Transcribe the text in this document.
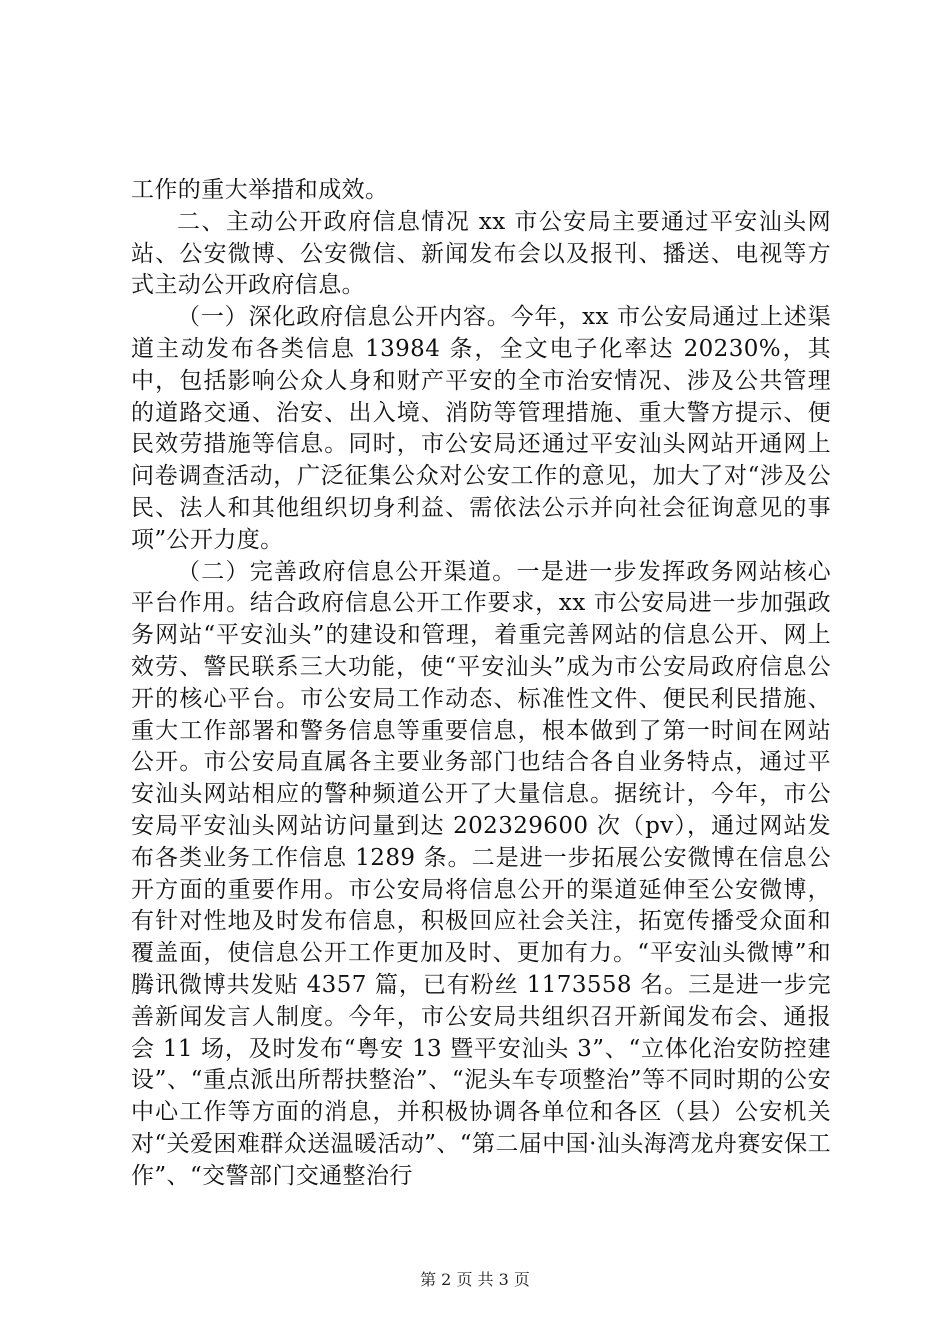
工作的重大举措和成效。

二、主动公开政府信息情况 xx 市公安局主要通过平安汕头网站、公安微博、公安微信、新闻发布会以及报刊、播送、电视等方式主动公开政府信息。

（一）深化政府信息公开内容。今年，xx 市公安局通过上述渠道主动发布各类信息 13984 条，全文电子化率达 20230%，其中，包括影响公众人身和财产平安的全市治安情况、涉及公共管理的道路交通、治安、出入境、消防等管理措施、重大警方提示、便民效劳措施等信息。同时，市公安局还通过平安汕头网站开通网上问卷调查活动，广泛征集公众对公安工作的意见，加大了对“涉及公民、法人和其他组织切身利益、需依法公示并向社会征询意见的事项”公开力度。

（二）完善政府信息公开渠道。一是进一步发挥政务网站核心平台作用。结合政府信息公开工作要求，xx 市公安局进一步加强政务网站“平安汕头”的建设和管理，着重完善网站的信息公开、网上效劳、警民联系三大功能，使“平安汕头”成为市公安局政府信息公开的核心平台。市公安局工作动态、标准性文件、便民利民措施、重大工作部署和警务信息等重要信息，根本做到了第一时间在网站公开。市公安局直属各主要业务部门也结合各自业务特点，通过平安汕头网站相应的警种频道公开了大量信息。据统计，今年，市公安局平安汕头网站访问量到达 202329600 次（pv），通过网站发布各类业务工作信息 1289 条。二是进一步拓展公安微博在信息公开方面的重要作用。市公安局将信息公开的渠道延伸至公安微博，有针对性地及时发布信息，积极回应社会关注，拓宽传播受众面和覆盖面，使信息公开工作更加及时、更加有力。“平安汕头微博”和腾讯微博共发贴 4357 篇，已有粉丝 1173558 名。三是进一步完善新闻发言人制度。今年，市公安局共组织召开新闻发布会、通报会 11 场，及时发布“粤安 13 暨平安汕头 3”、“立体化治安防控建设”、“重点派出所帮扶整治”、“泥头车专项整治”等不同时期的公安中心工作等方面的消息，并积极协调各单位和各区（县）公安机关对“关爱困难群众送温暖活动”、“第二届中国·汕头海湾龙舟赛安保工作”、“交警部门交通整治行

第 2 页 共 3 页
